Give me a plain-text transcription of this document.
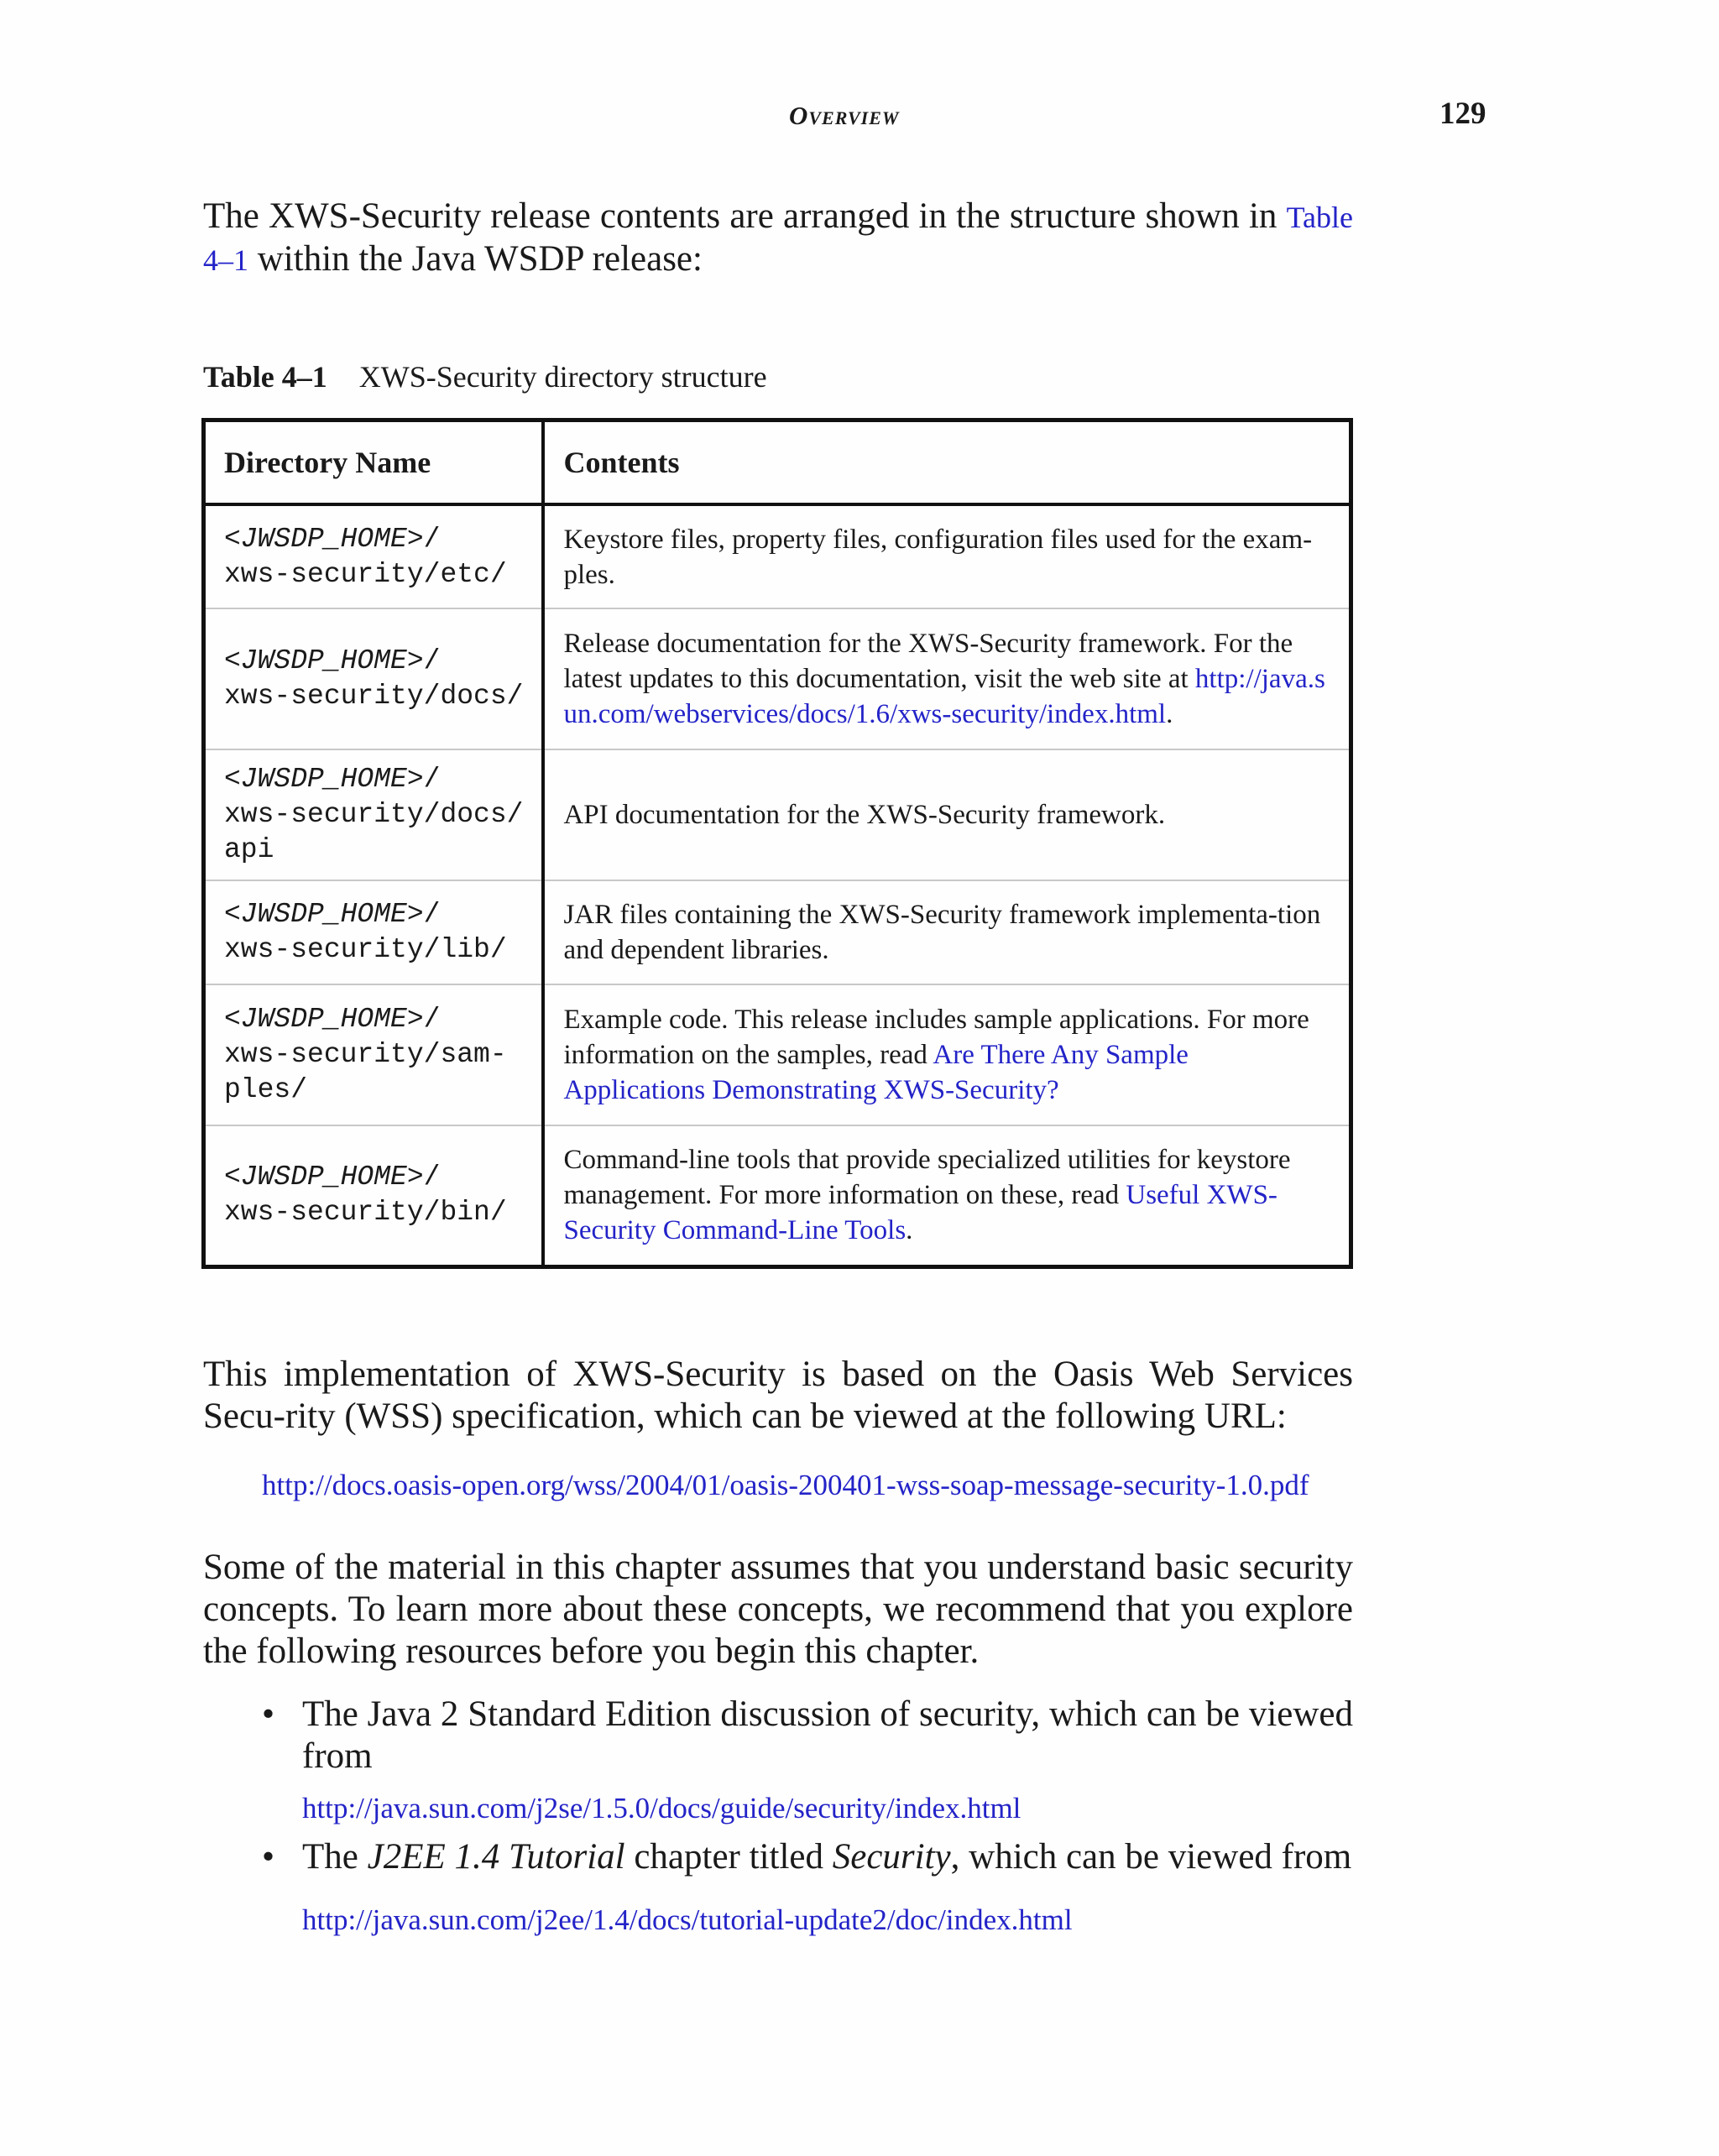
Overview	129

The XWS-Security release contents are arranged in the structure shown in Table 4–1 within the Java WSDP release:

Table 4–1 XWS-Security directory structure
Directory Name	Contents
<JWSDP_HOME>/
xws-security/etc/	Keystore files, property files, configuration files used for the exam-ples.
<JWSDP_HOME>/
xws-security/docs/	Release documentation for the XWS-Security framework. For the latest updates to this documentation, visit the web site at http://java.sun.com/webservices/docs/1.6/xws-security/index.html.
<JWSDP_HOME>/
xws-security/docs/
api	API documentation for the XWS-Security framework.
<JWSDP_HOME>/
xws-security/lib/	JAR files containing the XWS-Security framework implementa-tion and dependent libraries.
<JWSDP_HOME>/
xws-security/sam-
ples/	Example code. This release includes sample applications. For more information on the samples, read Are There Any Sample Applications Demonstrating XWS-Security?
<JWSDP_HOME>/
xws-security/bin/	Command-line tools that provide specialized utilities for keystore management. For more information on these, read Useful XWS-Security Command-Line Tools.

This implementation of XWS-Security is based on the Oasis Web Services Secu-rity (WSS) specification, which can be viewed at the following URL:

http://docs.oasis-open.org/wss/2004/01/oasis-200401-wss-soap-message-security-1.0.pdf

Some of the material in this chapter assumes that you understand basic security concepts. To learn more about these concepts, we recommend that you explore the following resources before you begin this chapter.

• The Java 2 Standard Edition discussion of security, which can be viewed from
http://java.sun.com/j2se/1.5.0/docs/guide/security/index.html
• The J2EE 1.4 Tutorial chapter titled Security, which can be viewed from
http://java.sun.com/j2ee/1.4/docs/tutorial-update2/doc/index.html
